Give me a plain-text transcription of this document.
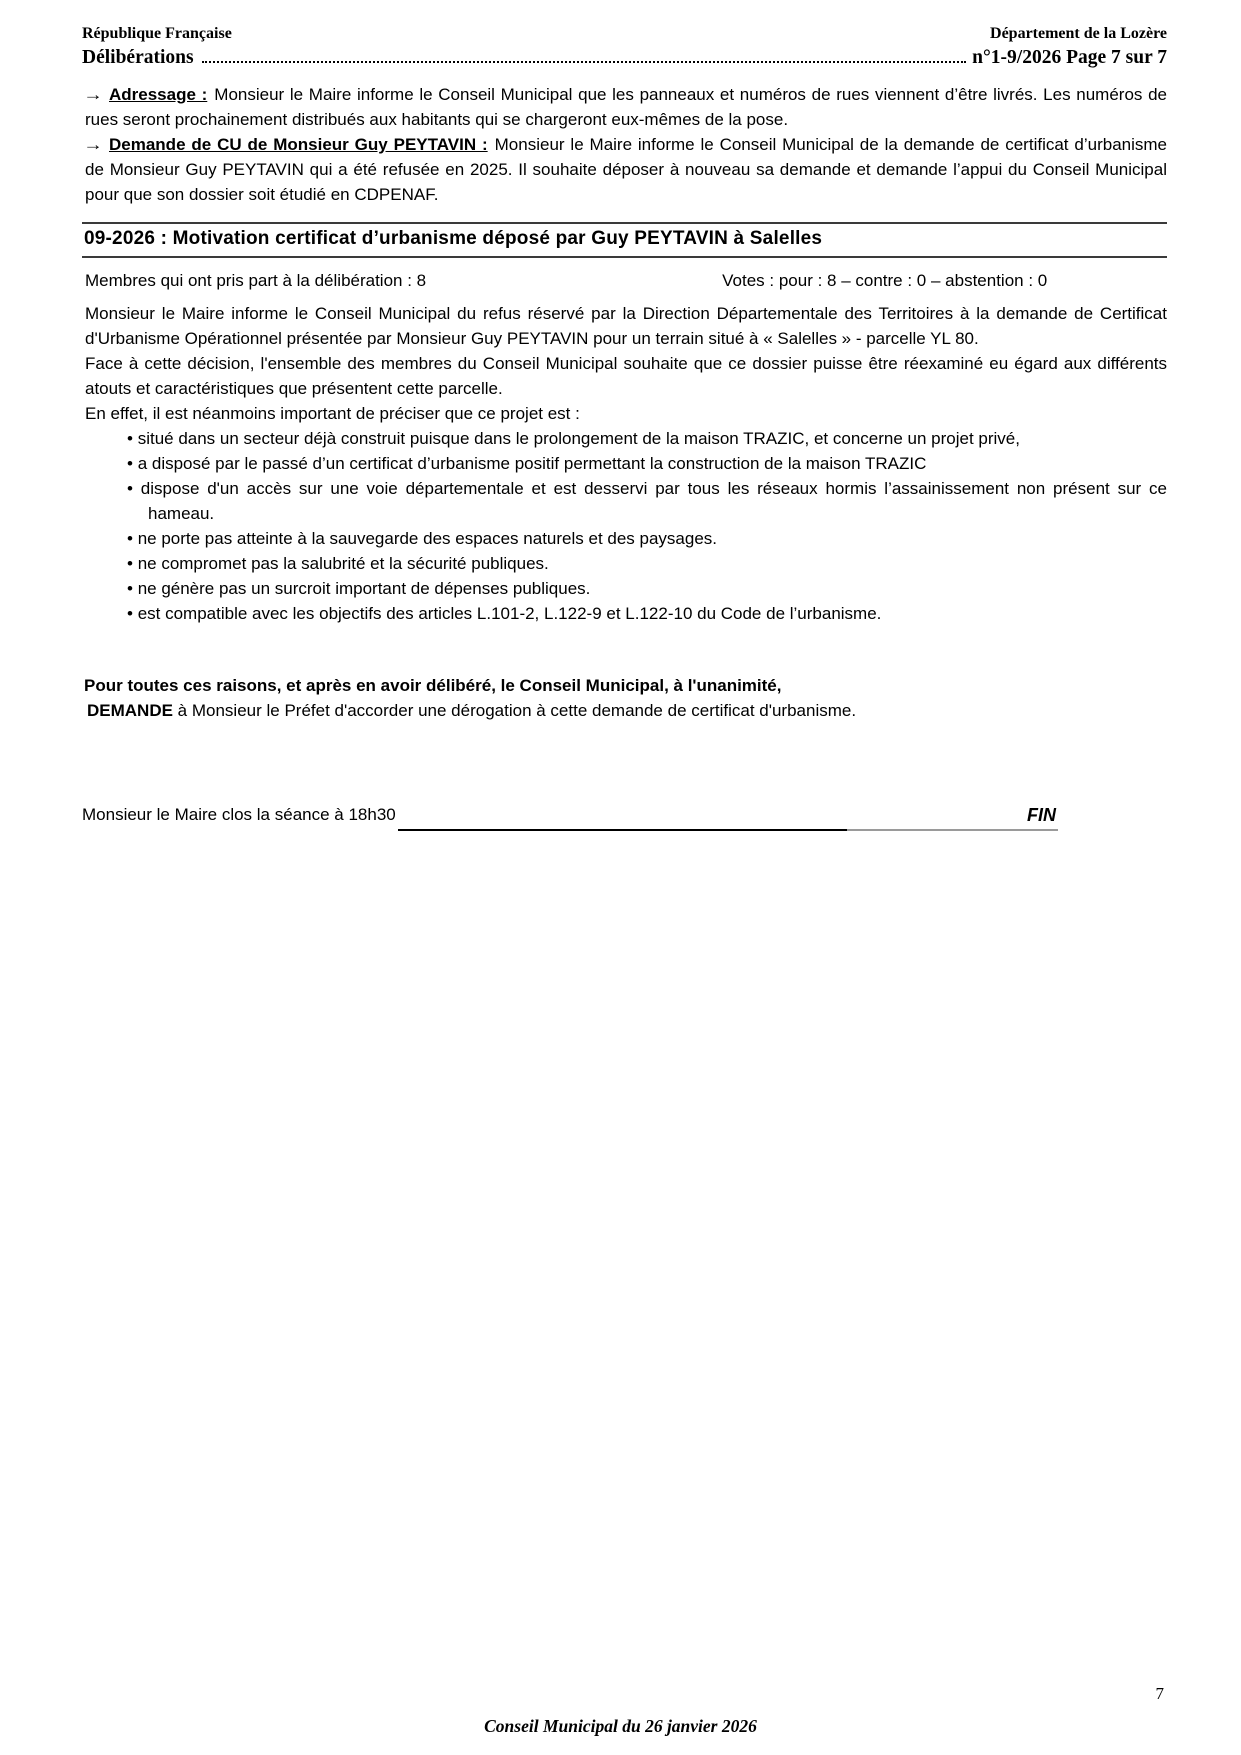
République Française	Département de la Lozère
Délibérations	n°1-9/2026 Page 7 sur 7

→ Adressage : Monsieur le Maire informe le Conseil Municipal que les panneaux et numéros de rues viennent d’être livrés. Les numéros de rues seront prochainement distribués aux habitants qui se chargeront eux-mêmes de la pose.

→ Demande de CU de Monsieur Guy PEYTAVIN : Monsieur le Maire informe le Conseil Municipal de la demande de certificat d’urbanisme de Monsieur Guy PEYTAVIN qui a été refusée en 2025. Il souhaite déposer à nouveau sa demande et demande l’appui du Conseil Municipal pour que son dossier soit étudié en CDPENAF.

09-2026 : Motivation certificat d’urbanisme déposé par Guy PEYTAVIN à Salelles
Membres qui ont pris part à la délibération : 8	Votes : pour : 8 – contre : 0 – abstention : 0

Monsieur le Maire informe le Conseil Municipal du refus réservé par la Direction Départementale des Territoires à la demande de Certificat d'Urbanisme Opérationnel présentée par Monsieur Guy PEYTAVIN pour un terrain situé à « Salelles » - parcelle YL 80.

Face à cette décision, l'ensemble des membres du Conseil Municipal souhaite que ce dossier puisse être réexaminé eu égard aux différents atouts et caractéristiques que présentent cette parcelle.

En effet, il est néanmoins important de préciser que ce projet est :

• situé dans un secteur déjà construit puisque dans le prolongement de la maison TRAZIC, et concerne un projet privé,
• a disposé par le passé d’un certificat d’urbanisme positif permettant la construction de la maison TRAZIC
• dispose d'un accès sur une voie départementale et est desservi par tous les réseaux hormis l’assainissement non présent sur ce hameau.
• ne porte pas atteinte à la sauvegarde des espaces naturels et des paysages.
• ne compromet pas la salubrité et la sécurité publiques.
• ne génère pas un surcroit important de dépenses publiques.
• est compatible avec les objectifs des articles L.101-2, L.122-9 et L.122-10 du Code de l’urbanisme.

Pour toutes ces raisons, et après en avoir délibéré, le Conseil Municipal, à l'unanimité,

DEMANDE à Monsieur le Préfet d'accorder une dérogation à cette demande de certificat d'urbanisme.

Monsieur le Maire clos la séance à 18h30	FIN
7
Conseil Municipal du 26 janvier 2026
